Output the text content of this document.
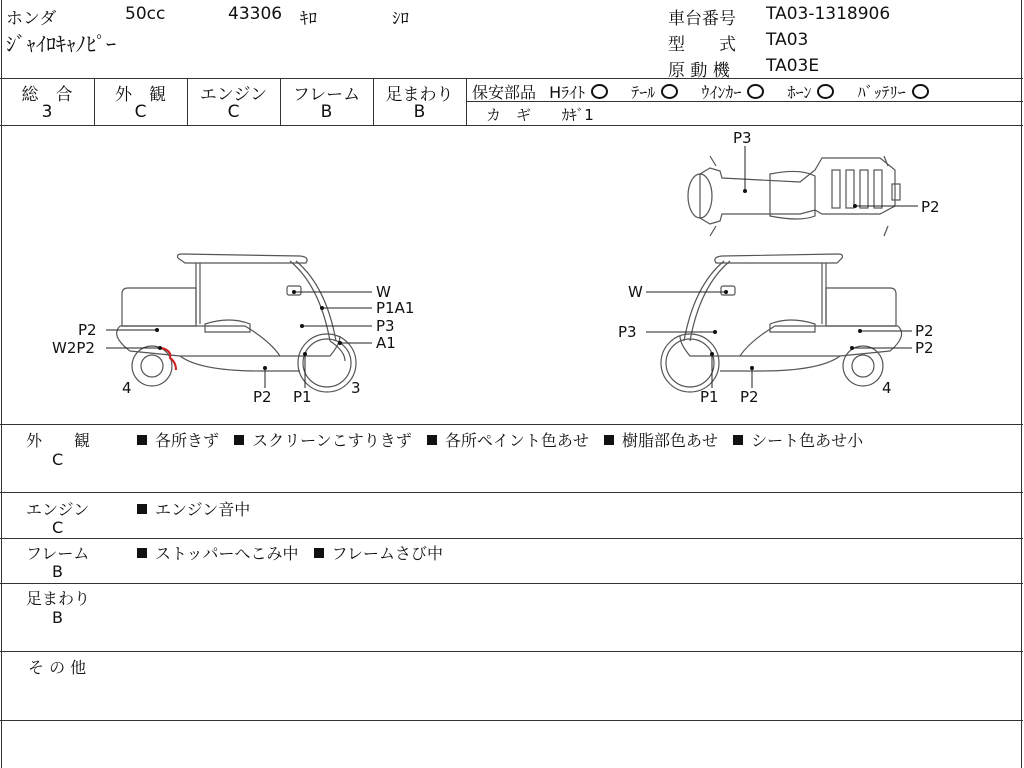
ホンダ	50cc	43306 ｷﾛ	ｼﾛ
ｼﾞｬｲﾛｷｬﾉﾋﾟｰ
車台番号 TA03-1318906
型　　式 TA03
原 動 機 TA03E
総　合	外　観	エンジン	フレーム	足まわり
3	C	C	B	B
保安部品 Hﾗｲﾄ	ﾃｰﾙ	ｳｲﾝｶｰ	ﾎｰﾝ	ﾊﾞｯﾃﾘｰ
カ　ギ ｶｷﾞ1
W
P1A1
P3
A1
P2
W2P2
P2 P1
4	3
W
P3	P2
P2
P1 P2	4
P3
P2
外　　観
C
各所きず スクリーンこすりきず 各所ペイント色あせ 樹脂部色あせ シート色あせ小
エンジン
C
エンジン音中
フレーム
B
ストッパーへこみ中 フレームさび中
足まわり
B
そ の 他
